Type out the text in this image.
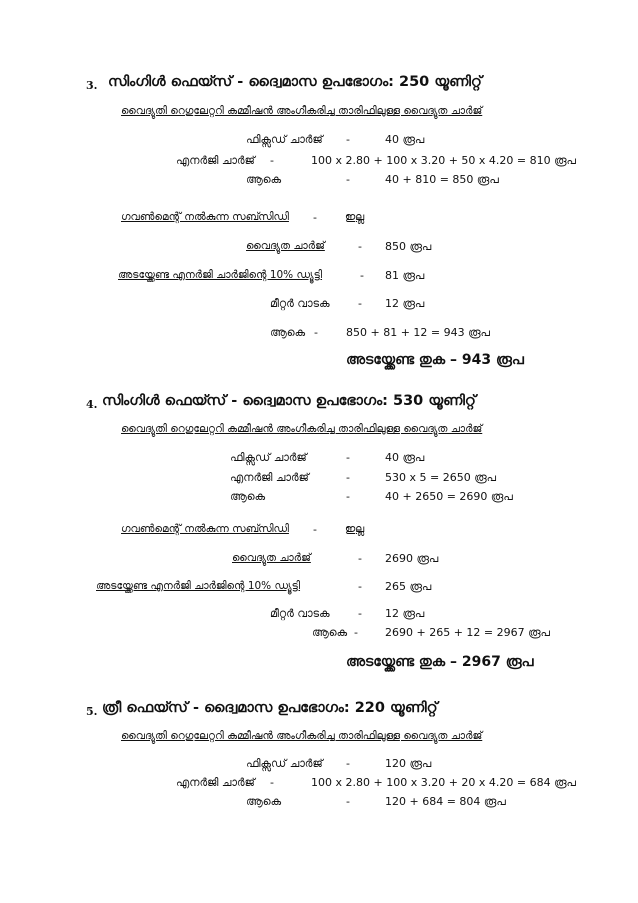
3. സിംഗിൾ ഫെയ്സ് - ദ്വൈമാസ ഉപഭോഗം: 250 യൂണിറ്റ്
വൈദ്യുതി റെഗുലേറ്ററി കമ്മീഷൻ അംഗീകരിച്ച താരിഫിലുള്ള വൈദ്യുത ചാർജ്
ഫിക്സഡ് ചാർജ് -	40 രൂപ
എനർജി ചാർജ് -	100 x 2.80 + 100 x 3.20 + 50 x 4.20 = 810 രൂപ
ആകെ	-	40 + 810 = 850 രൂപ
ഗവൺമെന്റ് നൽകുന്ന സബ്സിഡി -	ഇല്ല
വൈദ്യുത ചാർജ്	- 850 രൂപ
അടയ്ക്കേണ്ട എനർജി ചാർജിന്റെ 10% ഡ്യൂട്ടി	- 81 രൂപ
മീറ്റർ വാടക	- 12 രൂപ
ആകെ -	850 + 81 + 12 = 943 രൂപ
അടയ്ക്കേണ്ട തുക – 943 രൂപ
4. സിംഗിൾ ഫെയ്സ് - ദ്വൈമാസ ഉപഭോഗം: 530 യൂണിറ്റ്
വൈദ്യുതി റെഗുലേറ്ററി കമ്മീഷൻ അംഗീകരിച്ച താരിഫിലുള്ള വൈദ്യുത ചാർജ്
ഫിക്സഡ് ചാർജ്	-	40 രൂപ
എനർജി ചാർജ്	-	530 x 5 = 2650 രൂപ
ആകെ	-	40 + 2650 = 2690 രൂപ
ഗവൺമെന്റ് നൽകുന്ന സബ്സിഡി -	ഇല്ല
വൈദ്യുത ചാർജ്	- 2690 രൂപ
അടയ്ക്കേണ്ട എനർജി ചാർജിന്റെ 10% ഡ്യൂട്ടി	- 265 രൂപ
മീറ്റർ വാടക	- 12 രൂപ
ആകെ - 2690 + 265 + 12 = 2967 രൂപ
അടയ്ക്കേണ്ട തുക – 2967 രൂപ
5. ത്രീ ഫെയ്സ് - ദ്വൈമാസ ഉപഭോഗം: 220 യൂണിറ്റ്
വൈദ്യുതി റെഗുലേറ്ററി കമ്മീഷൻ അംഗീകരിച്ച താരിഫിലുള്ള വൈദ്യുത ചാർജ്
ഫിക്സഡ് ചാർജ് -	120 രൂപ
എനർജി ചാർജ് -	100 x 2.80 + 100 x 3.20 + 20 x 4.20 = 684 രൂപ
ആകെ	-	120 + 684 = 804 രൂപ
